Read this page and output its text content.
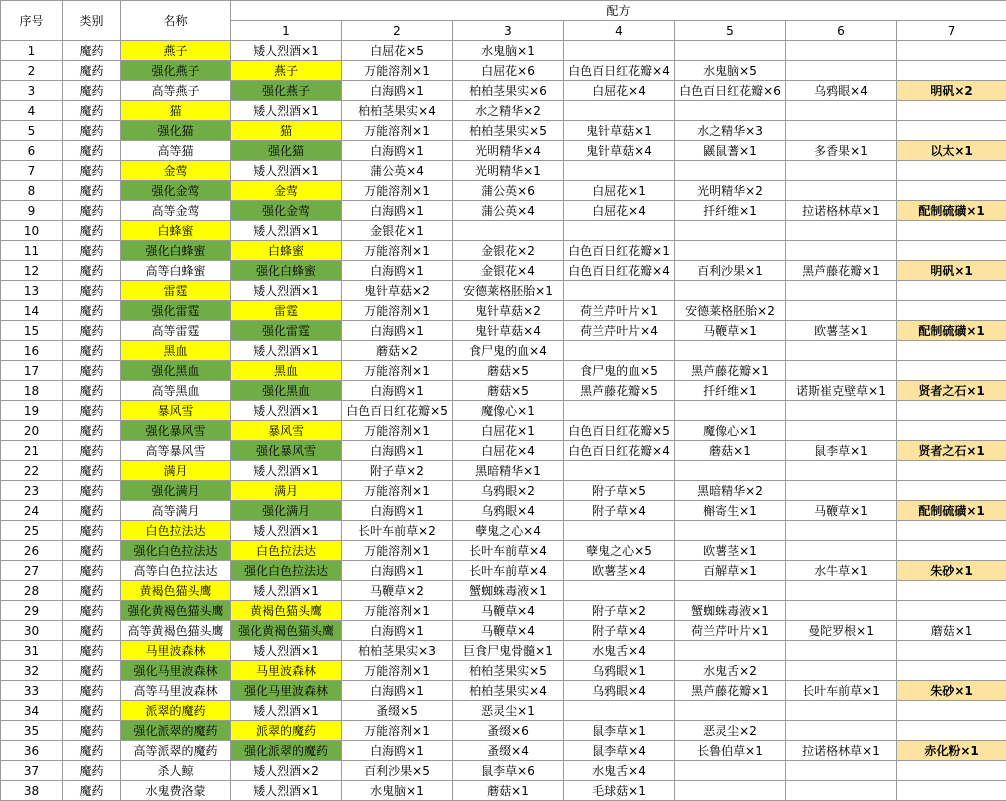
序号	类别	名称	配方						
			1	2	3	4	5	6	7
1	魔药	燕子	矮人烈酒×1	白屈花×5	水鬼脑×1				
2	魔药	强化燕子	燕子	万能溶剂×1	白屈花×6	白色百日红花瓣×4	水鬼脑×5		
3	魔药	高等燕子	强化燕子	白海鸥×1	柏柏茎果实×6	白屈花×4	白色百日红花瓣×6	乌鸦眼×4	明矾×2
4	魔药	猫	矮人烈酒×1	柏柏茎果实×4	水之精华×2				
5	魔药	强化猫	猫	万能溶剂×1	柏柏茎果实×5	鬼针草菇×1	水之精华×3		
6	魔药	高等猫	强化猫	白海鸥×1	光明精华×4	鬼针草菇×4	鼷鼠蓍×1	多香果×1	以太×1
7	魔药	金莺	矮人烈酒×1	蒲公英×4	光明精华×1				
8	魔药	强化金莺	金莺	万能溶剂×1	蒲公英×6	白屈花×1	光明精华×2		
9	魔药	高等金莺	强化金莺	白海鸥×1	蒲公英×4	白屈花×4	扦纤维×1	拉诺格林草×1	配制硫磺×1
10	魔药	白蜂蜜	矮人烈酒×1	金银花×1					
11	魔药	强化白蜂蜜	白蜂蜜	万能溶剂×1	金银花×2	白色百日红花瓣×1			
12	魔药	高等白蜂蜜	强化白蜂蜜	白海鸥×1	金银花×4	白色百日红花瓣×4	百利沙果×1	黑芦藤花瓣×1	明矾×1
13	魔药	雷霆	矮人烈酒×1	鬼针草菇×2	安德莱格胚胎×1				
14	魔药	强化雷霆	雷霆	万能溶剂×1	鬼针草菇×2	荷兰芹叶片×1	安德莱格胚胎×2		
15	魔药	高等雷霆	强化雷霆	白海鸥×1	鬼针草菇×4	荷兰芹叶片×4	马鞭草×1	欧薯茎×1	配制硫磺×1
16	魔药	黑血	矮人烈酒×1	蘑菇×2	食尸鬼的血×4				
17	魔药	强化黑血	黑血	万能溶剂×1	蘑菇×5	食尸鬼的血×5	黑芦藤花瓣×1		
18	魔药	高等黑血	强化黑血	白海鸥×1	蘑菇×5	黑芦藤花瓣×5	扦纤维×1	诺斯崔克壁草×1	贤者之石×1
19	魔药	暴风雪	矮人烈酒×1	白色百日红花瓣×5	魔像心×1				
20	魔药	强化暴风雪	暴风雪	万能溶剂×1	白屈花×1	白色百日红花瓣×5	魔像心×1		
21	魔药	高等暴风雪	强化暴风雪	白海鸥×1	白屈花×4	白色百日红花瓣×4	蘑菇×1	鼠李草×1	贤者之石×1
22	魔药	满月	矮人烈酒×1	附子草×2	黑暗精华×1				
23	魔药	强化满月	满月	万能溶剂×1	乌鸦眼×2	附子草×5	黑暗精华×2		
24	魔药	高等满月	强化满月	白海鸥×1	乌鸦眼×4	附子草×4	槲寄生×1	马鞭草×1	配制硫磺×1
25	魔药	白色拉法达	矮人烈酒×1	长叶车前草×2	孽鬼之心×4				
26	魔药	强化白色拉法达	白色拉法达	万能溶剂×1	长叶车前草×4	孽鬼之心×5	欧薯茎×1		
27	魔药	高等白色拉法达	强化白色拉法达	白海鸥×1	长叶车前草×4	欧薯茎×4	百解草×1	水牛草×1	朱砂×1
28	魔药	黄褐色猫头鹰	矮人烈酒×1	马鞭草×2	蟹蜘蛛毒液×1				
29	魔药	强化黄褐色猫头鹰	黄褐色猫头鹰	万能溶剂×1	马鞭草×4	附子草×2	蟹蜘蛛毒液×1		
30	魔药	高等黄褐色猫头鹰	强化黄褐色猫头鹰	白海鸥×1	马鞭草×4	附子草×4	荷兰芹叶片×1	曼陀罗根×1	蘑菇×1
31	魔药	马里波森林	矮人烈酒×1	柏柏茎果实×3	巨食尸鬼骨髓×1	水鬼舌×4			
32	魔药	强化马里波森林	马里波森林	万能溶剂×1	柏柏茎果实×5	乌鸦眼×1	水鬼舌×2		
33	魔药	高等马里波森林	强化马里波森林	白海鸥×1	柏柏茎果实×4	乌鸦眼×4	黑芦藤花瓣×1	长叶车前草×1	朱砂×1
34	魔药	派翠的魔药	矮人烈酒×1	蚤缀×5	恶灵尘×1				
35	魔药	强化派翠的魔药	派翠的魔药	万能溶剂×1	蚤缀×6	鼠李草×1	恶灵尘×2		
36	魔药	高等派翠的魔药	强化派翠的魔药	白海鸥×1	蚤缀×4	鼠李草×4	长鲁伯草×1	拉诺格林草×1	赤化粉×1
37	魔药	杀人鲸	矮人烈酒×2	百利沙果×5	鼠李草×6	水鬼舌×4			
38	魔药	水鬼费洛蒙	矮人烈酒×1	水鬼脑×1	蘑菇×1	毛球菇×1			
